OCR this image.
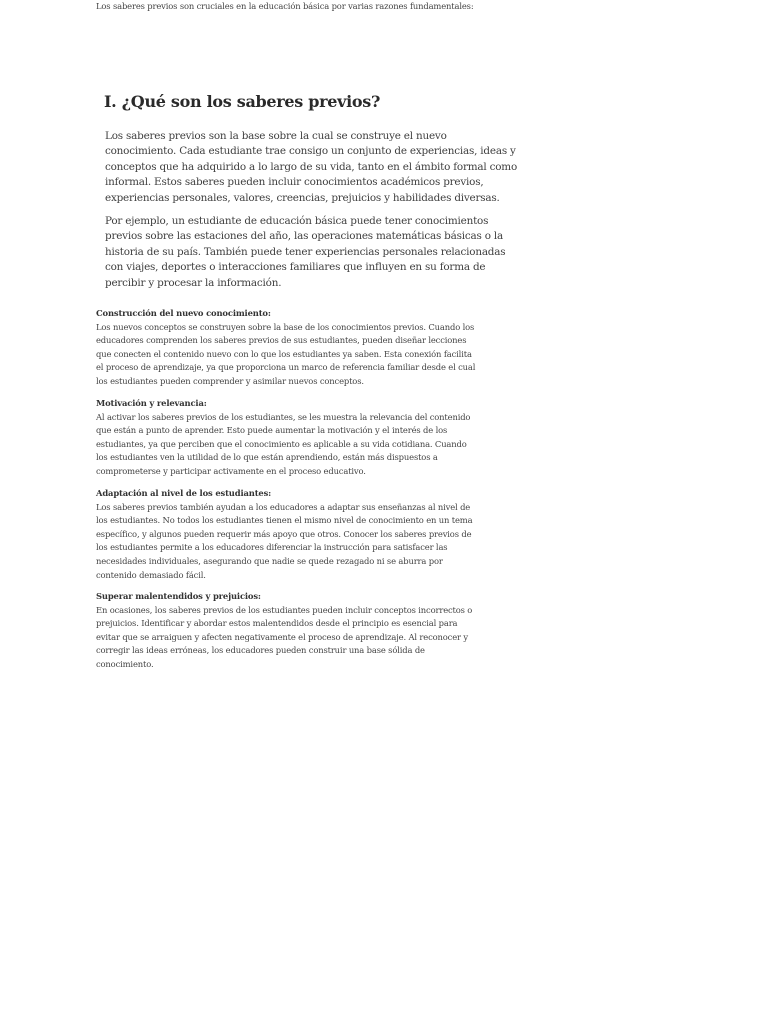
I. ¿Qué son los saberes previos?

Los saberes previos son la base sobre la cual se construye el nuevo conocimiento. Cada estudiante trae consigo un conjunto de experiencias, ideas y conceptos que ha adquirido a lo largo de su vida, tanto en el ámbito formal como informal. Estos saberes pueden incluir conocimientos académicos previos, experiencias personales, valores, creencias, prejuicios y habilidades diversas.

Por ejemplo, un estudiante de educación básica puede tener conocimientos previos sobre las estaciones del año, las operaciones matemáticas básicas o la historia de su país. También puede tener experiencias personales relacionadas con viajes, deportes o interacciones familiares que influyen en su forma de percibir y procesar la información.

Los saberes previos son cruciales en la educación básica por varias razones fundamentales:

Construcción del nuevo conocimiento:

Los nuevos conceptos se construyen sobre la base de los conocimientos previos. Cuando los educadores comprenden los saberes previos de sus estudiantes, pueden diseñar lecciones que conecten el contenido nuevo con lo que los estudiantes ya saben. Esta conexión facilita el proceso de aprendizaje, ya que proporciona un marco de referencia familiar desde el cual los estudiantes pueden comprender y asimilar nuevos conceptos.

Motivación y relevancia:

Al activar los saberes previos de los estudiantes, se les muestra la relevancia del contenido que están a punto de aprender. Esto puede aumentar la motivación y el interés de los estudiantes, ya que perciben que el conocimiento es aplicable a su vida cotidiana. Cuando los estudiantes ven la utilidad de lo que están aprendiendo, están más dispuestos a comprometerse y participar activamente en el proceso educativo.

Adaptación al nivel de los estudiantes:

Los saberes previos también ayudan a los educadores a adaptar sus enseñanzas al nivel de los estudiantes. No todos los estudiantes tienen el mismo nivel de conocimiento en un tema específico, y algunos pueden requerir más apoyo que otros. Conocer los saberes previos de los estudiantes permite a los educadores diferenciar la instrucción para satisfacer las necesidades individuales, asegurando que nadie se quede rezagado ni se aburra por contenido demasiado fácil.

Superar malentendidos y prejuicios:

En ocasiones, los saberes previos de los estudiantes pueden incluir conceptos incorrectos o prejuicios. Identificar y abordar estos malentendidos desde el principio es esencial para evitar que se arraiguen y afecten negativamente el proceso de aprendizaje. Al reconocer y corregir las ideas erróneas, los educadores pueden construir una base sólida de conocimiento.
